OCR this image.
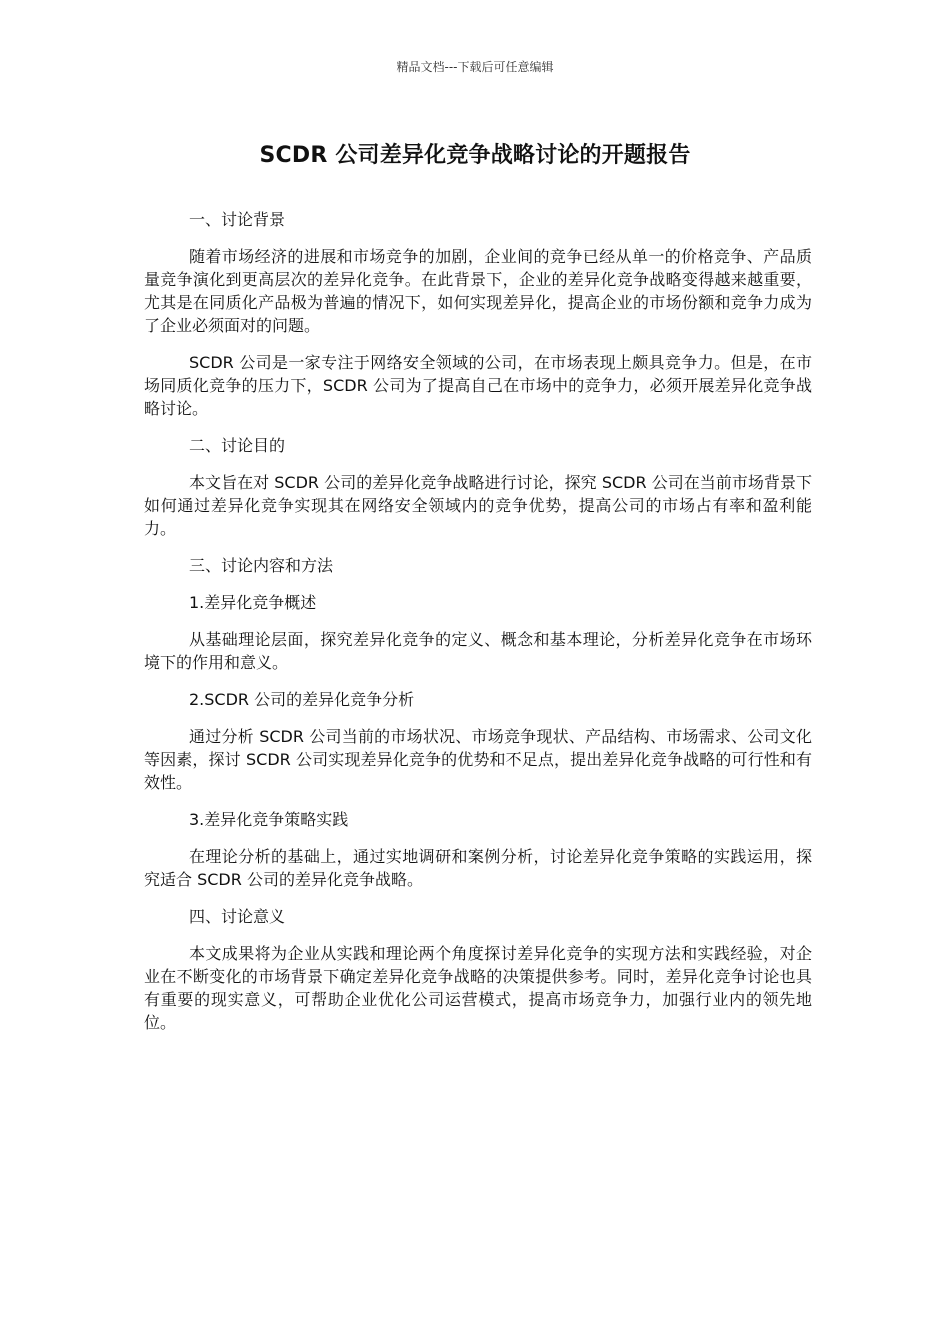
精品文档---下载后可任意编辑
SCDR 公司差异化竞争战略讨论的开题报告

一、讨论背景

随着市场经济的进展和市场竞争的加剧，企业间的竞争已经从单一的价格竞争、产品质量竞争演化到更高层次的差异化竞争。在此背景下，企业的差异化竞争战略变得越来越重要，尤其是在同质化产品极为普遍的情况下，如何实现差异化，提高企业的市场份额和竞争力成为了企业必须面对的问题。

SCDR 公司是一家专注于网络安全领域的公司，在市场表现上颇具竞争力。但是，在市场同质化竞争的压力下，SCDR 公司为了提高自己在市场中的竞争力，必须开展差异化竞争战略讨论。

二、讨论目的

本文旨在对 SCDR 公司的差异化竞争战略进行讨论，探究 SCDR 公司在当前市场背景下如何通过差异化竞争实现其在网络安全领域内的竞争优势，提高公司的市场占有率和盈利能力。

三、讨论内容和方法

1.差异化竞争概述

从基础理论层面，探究差异化竞争的定义、概念和基本理论，分析差异化竞争在市场环境下的作用和意义。

2.SCDR 公司的差异化竞争分析

通过分析 SCDR 公司当前的市场状况、市场竞争现状、产品结构、市场需求、公司文化等因素，探讨 SCDR 公司实现差异化竞争的优势和不足点，提出差异化竞争战略的可行性和有效性。

3.差异化竞争策略实践

在理论分析的基础上，通过实地调研和案例分析，讨论差异化竞争策略的实践运用，探究适合 SCDR 公司的差异化竞争战略。

四、讨论意义

本文成果将为企业从实践和理论两个角度探讨差异化竞争的实现方法和实践经验，对企业在不断变化的市场背景下确定差异化竞争战略的决策提供参考。同时，差异化竞争讨论也具有重要的现实意义，可帮助企业优化公司运营模式，提高市场竞争力，加强行业内的领先地位。
